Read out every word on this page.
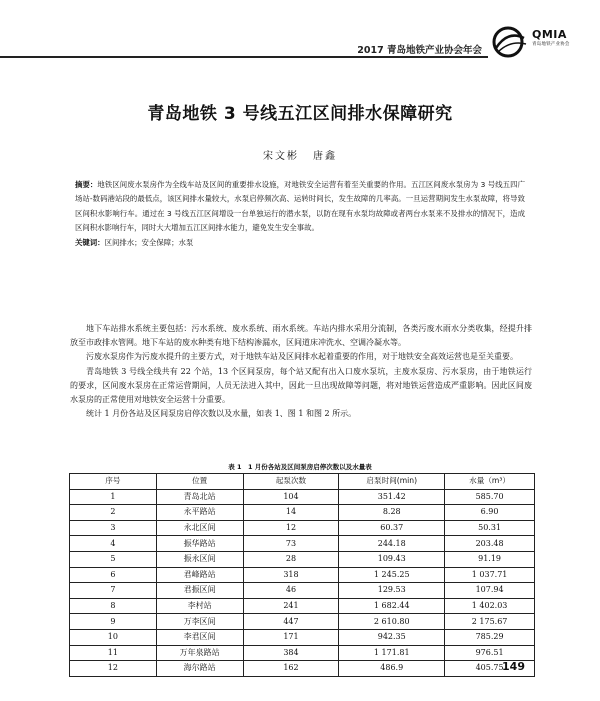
2017 青岛地铁产业协会年会
QMIA
青岛地铁产业协会
青岛地铁 3 号线五江区间排水保障研究
宋文彬 唐鑫
摘要：地铁区间废水泵房作为全线车站及区间的重要排水设施，对地铁安全运营有着至关重要的作用。五江区间废水泵房为 3 号线五四广场站-数码港站段的最低点，该区间排水量较大，水泵启停频次高、运转时间长，发生故障的几率高。一旦运营期间发生水泵故障，将导致区间积水影响行车。通过在 3 号线五江区间增设一台单独运行的潜水泵，以防在现有水泵均故障或者两台水泵来不及排水的情况下，造成区间积水影响行车，同时大大增加五江区间排水能力，避免发生安全事故。
关键词：区间排水；安全保障；水泵

地下车站排水系统主要包括：污水系统、废水系统、雨水系统。车站内排水采用分流制，各类污废水雨水分类收集，经提升排放至市政排水管网。地下车站的废水种类有地下结构渗漏水，区间道床冲洗水、空调冷凝水等。

污废水泵房作为污废水提升的主要方式，对于地铁车站及区间排水起着重要的作用，对于地铁安全高效运营也是至关重要。

青岛地铁 3 号线全线共有 22 个站，13 个区间泵房，每个站又配有出入口废水泵坑，主废水泵房、污水泵房，由于地铁运行的要求，区间废水泵房在正常运营期间，人员无法进入其中，因此一旦出现故障等问题，将对地铁运营造成严重影响。因此区间废水泵房的正常使用对地铁安全运营十分重要。

统计 1 月份各站及区间泵房启停次数以及水量，如表 1、图 1 和图 2 所示。

表 1　1 月份各站及区间泵房启停次数以及水量表
序号	位置	起泵次数	启泵时间(min)	水量（m³）
1	青岛北站	104	351.42	585.70
2	永平路站	14	8.28	6.90
3	永北区间	12	60.37	50.31
4	振华路站	73	244.18	203.48
5	振永区间	28	109.43	91.19
6	君峰路站	318	1 245.25	1 037.71
7	君振区间	46	129.53	107.94
8	李村站	241	1 682.44	1 402.03
9	万李区间	447	2 610.80	2 175.67
10	李君区间	171	942.35	785.29
11	万年泉路站	384	1 171.81	976.51
12	海尔路站	162	486.9	405.75
149
